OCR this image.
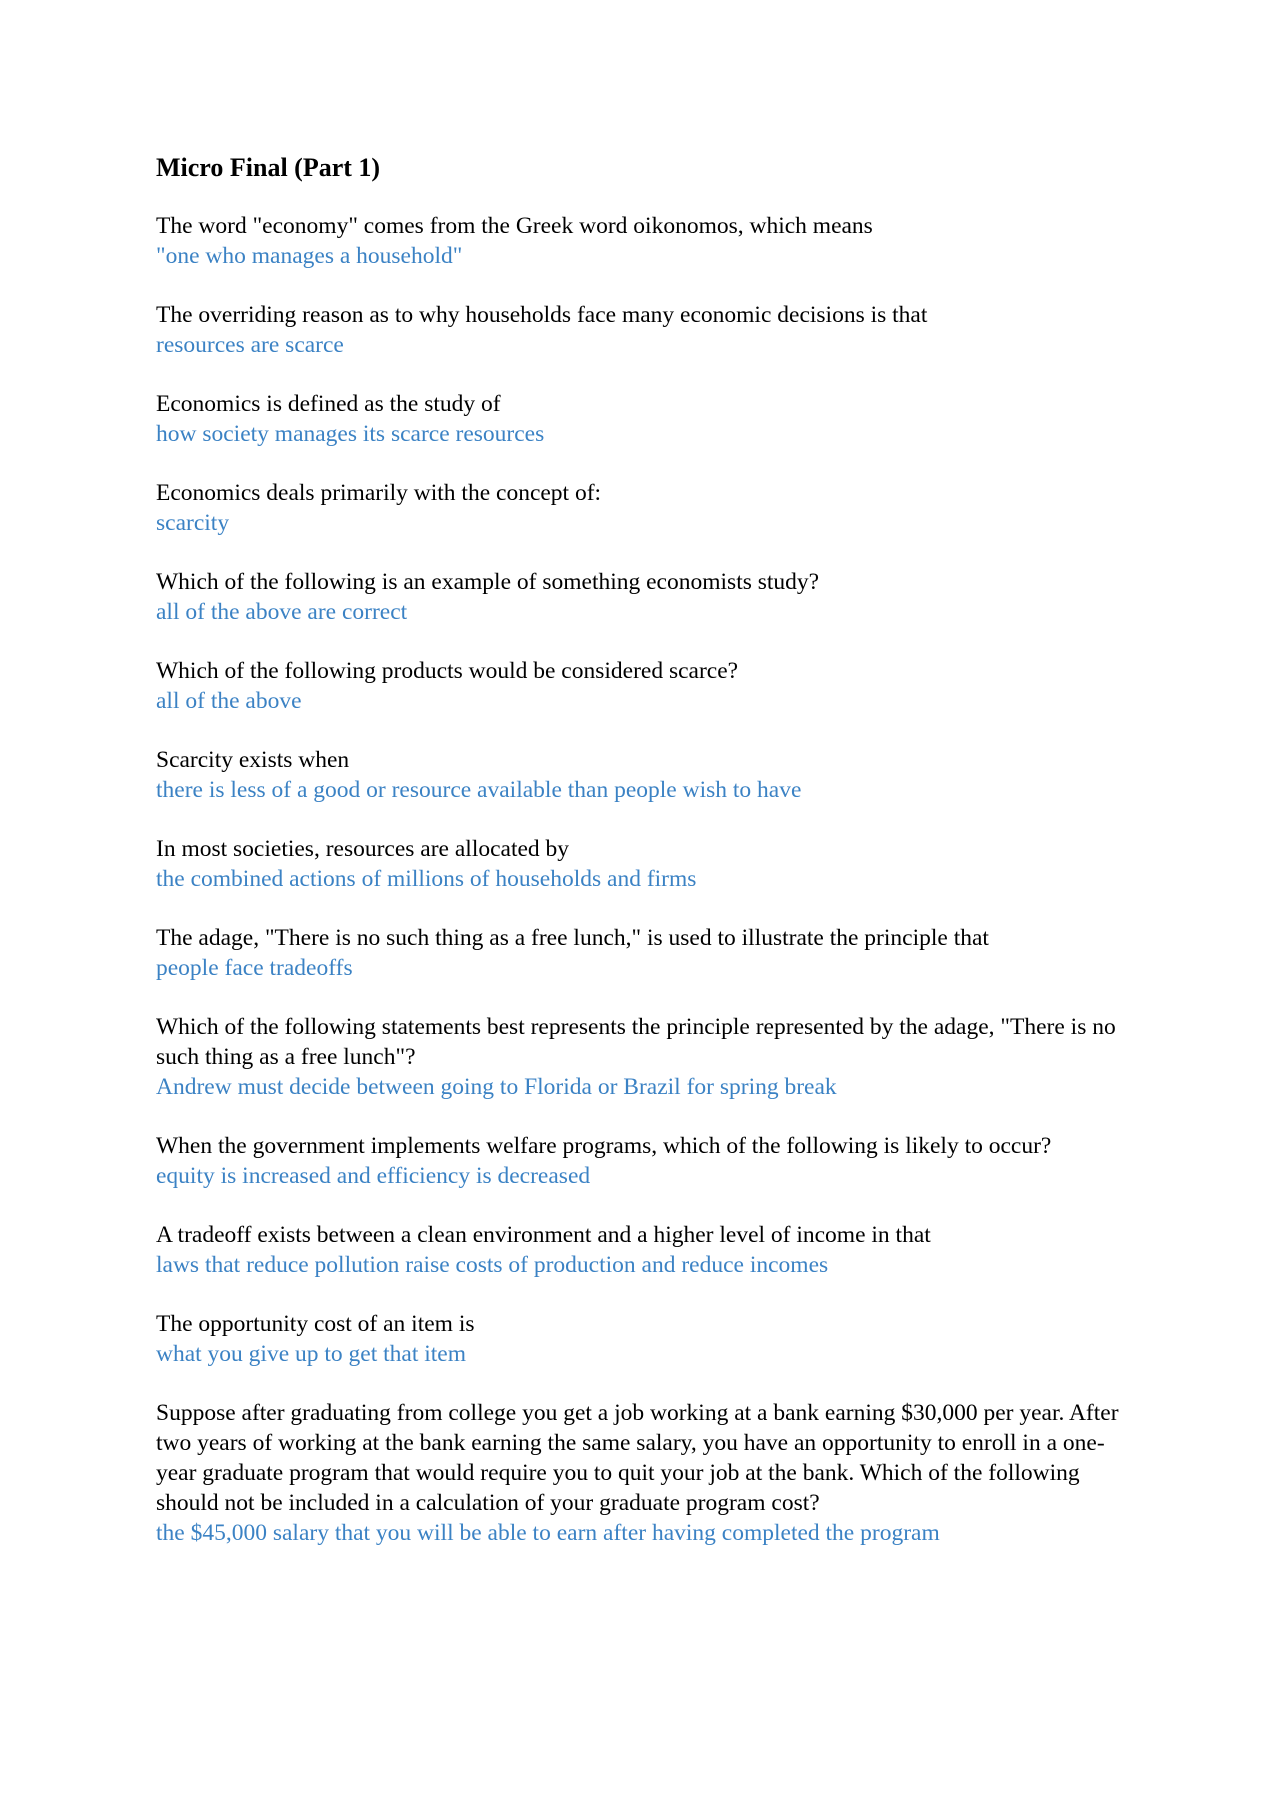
Micro Final (Part 1)

The word "economy" comes from the Greek word oikonomos, which means

"one who manages a household"

The overriding reason as to why households face many economic decisions is that

resources are scarce

Economics is defined as the study of

how society manages its scarce resources

Economics deals primarily with the concept of:

scarcity

Which of the following is an example of something economists study?

all of the above are correct

Which of the following products would be considered scarce?

all of the above

Scarcity exists when

there is less of a good or resource available than people wish to have

In most societies, resources are allocated by

the combined actions of millions of households and firms

The adage, "There is no such thing as a free lunch," is used to illustrate the principle that

people face tradeoffs

Which of the following statements best represents the principle represented by the adage, "There is no such thing as a free lunch"?

Andrew must decide between going to Florida or Brazil for spring break

When the government implements welfare programs, which of the following is likely to occur?

equity is increased and efficiency is decreased

A tradeoff exists between a clean environment and a higher level of income in that

laws that reduce pollution raise costs of production and reduce incomes

The opportunity cost of an item is

what you give up to get that item

Suppose after graduating from college you get a job working at a bank earning $30,000 per year. After two years of working at the bank earning the same salary, you have an opportunity to enroll in a one-year graduate program that would require you to quit your job at the bank. Which of the following should not be included in a calculation of your graduate program cost?

the $45,000 salary that you will be able to earn after having completed the program
